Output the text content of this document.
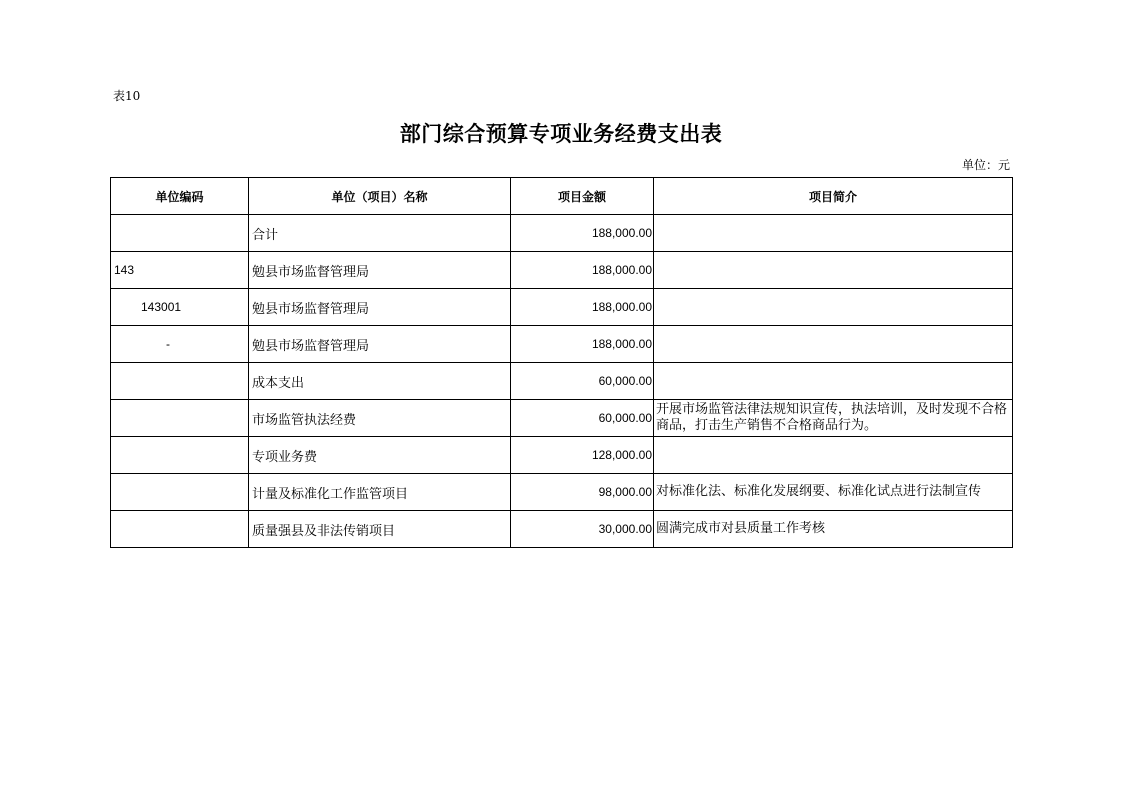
表10
部门综合预算专项业务经费支出表
单位：元
单位编码	单位（项目）名称	项目金额	项目简介
	合计	188,000.00	
143	勉县市场监督管理局	188,000.00	
143001	勉县市场监督管理局	188,000.00	
-	勉县市场监督管理局	188,000.00	
	成本支出	60,000.00	
	市场监管执法经费	60,000.00	开展市场监管法律法规知识宣传，执法培训，及时发现不合格商品，打击生产销售不合格商品行为。
	专项业务费	128,000.00	
	计量及标准化工作监管项目	98,000.00	对标准化法、标准化发展纲要、标准化试点进行法制宣传
	质量强县及非法传销项目	30,000.00	圆满完成市对县质量工作考核
